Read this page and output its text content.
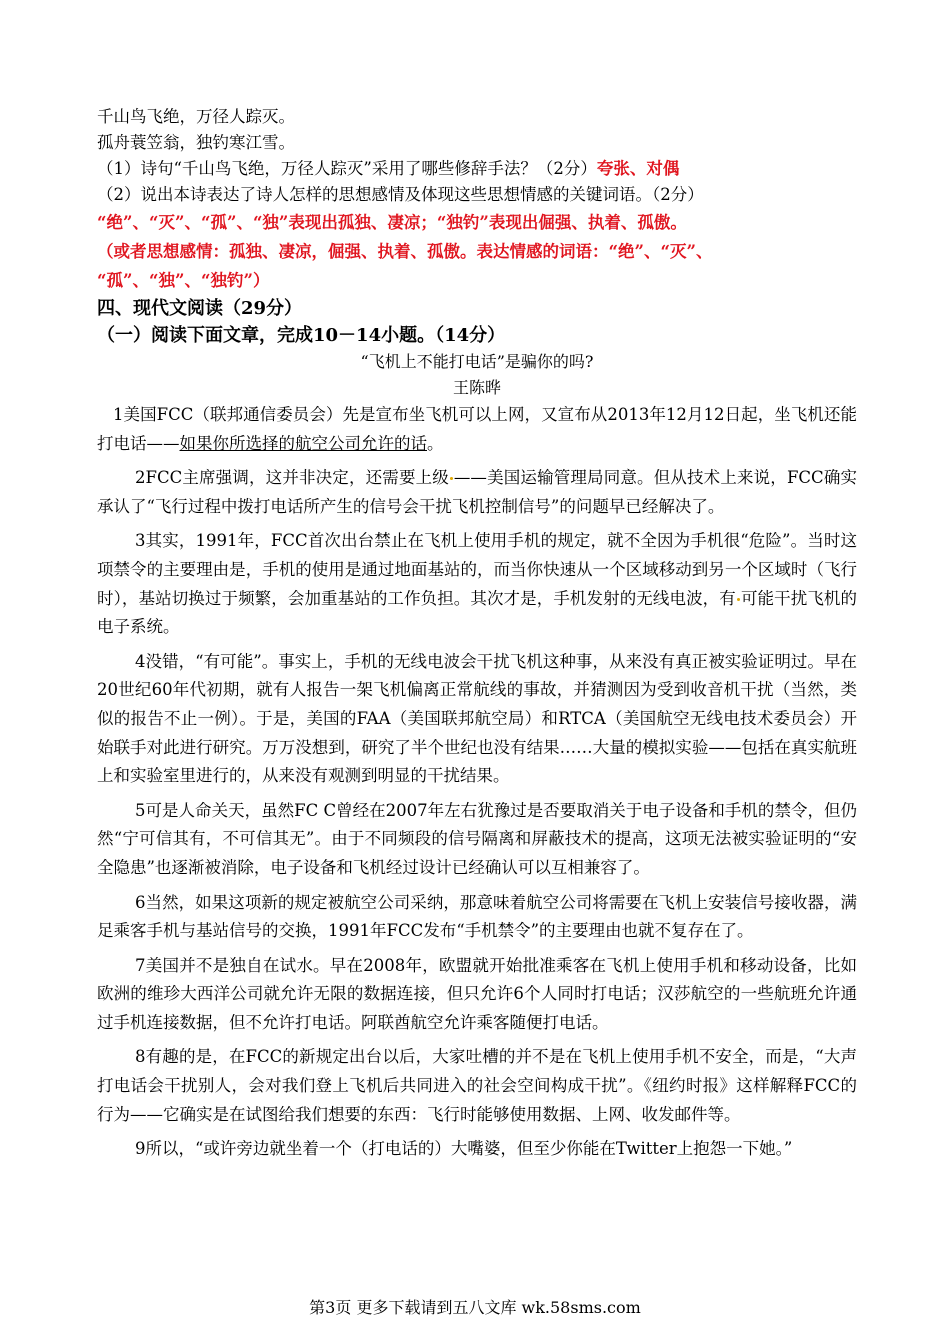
千山鸟飞绝，万径人踪灭。

孤舟蓑笠翁，独钓寒江雪。

（1）诗句“千山鸟飞绝，万径人踪灭”采用了哪些修辞手法？（2分）夸张、对偶

（2）说出本诗表达了诗人怎样的思想感情及体现这些思想情感的关键词语。（2分）

“绝”、“灭”、“孤”、“独”表现出孤独、凄凉；“独钓”表现出倔强、执着、孤傲。

（或者思想感情：孤独、凄凉，倔强、执着、孤傲。表达情感的词语：“绝”、“灭”、

“孤”、“独”、“独钓”）

四、现代文阅读（29分）

（一）阅读下面文章，完成10－14小题。（14分）

“飞机上不能打电话”是骗你的吗?

王陈晔

1美国FCC（联邦通信委员会）先是宣布坐飞机可以上网，又宣布从2013年12月12日起，坐飞机还能打电话——如果你所选择的航空公司允许的话。

2FCC主席强调，这并非决定，还需要上级 ——美国运输管理局同意。但从技术上来说，FCC确实承认了“飞行过程中拨打电话所产生的信号会干扰飞机控制信号”的问题早已经解决了。

3其实，1991年，FCC首次出台禁止在飞机上使用手机的规定，就不全因为手机很“危险”。当时这项禁令的主要理由是，手机的使用是通过地面基站的，而当你快速从一个区域移动到另一个区域时（飞行时），基站切换过于频繁，会加重基站的工作负担。其次才是，手机发射的无线电波，有 可能干扰飞机的电子系统。

4没错，“有可能”。事实上，手机的无线电波会干扰飞机这种事，从来没有真正被实验证明过。早在20世纪60年代初期，就有人报告一架飞机偏离正常航线的事故，并猜测因为受到收音机干扰（当然，类似的报告不止一例）。于是，美国的FAA（美国联邦航空局）和RTCA（美国航空无线电技术委员会）开始联手对此进行研究。万万没想到，研究了半个世纪也没有结果……大量的模拟实验——包括在真实航班上和实验室里进行的，从来没有观测到明显的干扰结果。

5可是人命关天，虽然FC C曾经在2007年左右犹豫过是否要取消关于电子设备和手机的禁令，但仍然“宁可信其有，不可信其无”。由于不同频段的信号隔离和屏蔽技术的提高，这项无法被实验证明的“安全隐患”也逐渐被消除，电子设备和飞机经过设计已经确认可以互相兼容了。

6当然，如果这项新的规定被航空公司采纳，那意味着航空公司将需要在飞机上安装信号接收器，满足乘客手机与基站信号的交换，1991年FCC发布“手机禁令”的主要理由也就不复存在了。

7美国并不是独自在试水。早在2008年，欧盟就开始批准乘客在飞机上使用手机和移动设备，比如欧洲的维珍大西洋公司就允许无限的数据连接，但只允许6个人同时打电话；汉莎航空的一些航班允许通过手机连接数据，但不允许打电话。阿联酋航空允许乘客随便打电话。

8有趣的是，在FCC的新规定出台以后，大家吐槽的并不是在飞机上使用手机不安全，而是，“大声打电话会干扰别人，会对我们登上飞机后共同进入的社会空间构成干扰”。《纽约时报》这样解释FCC的行为——它确实是在试图给我们想要的东西：飞行时能够使用数据、上网、收发邮件等。

9所以，“或许旁边就坐着一个（打电话的）大嘴婆，但至少你能在Twitter上抱怨一下她。”

第3页 更多下载请到五八文库 wk.58sms.com
